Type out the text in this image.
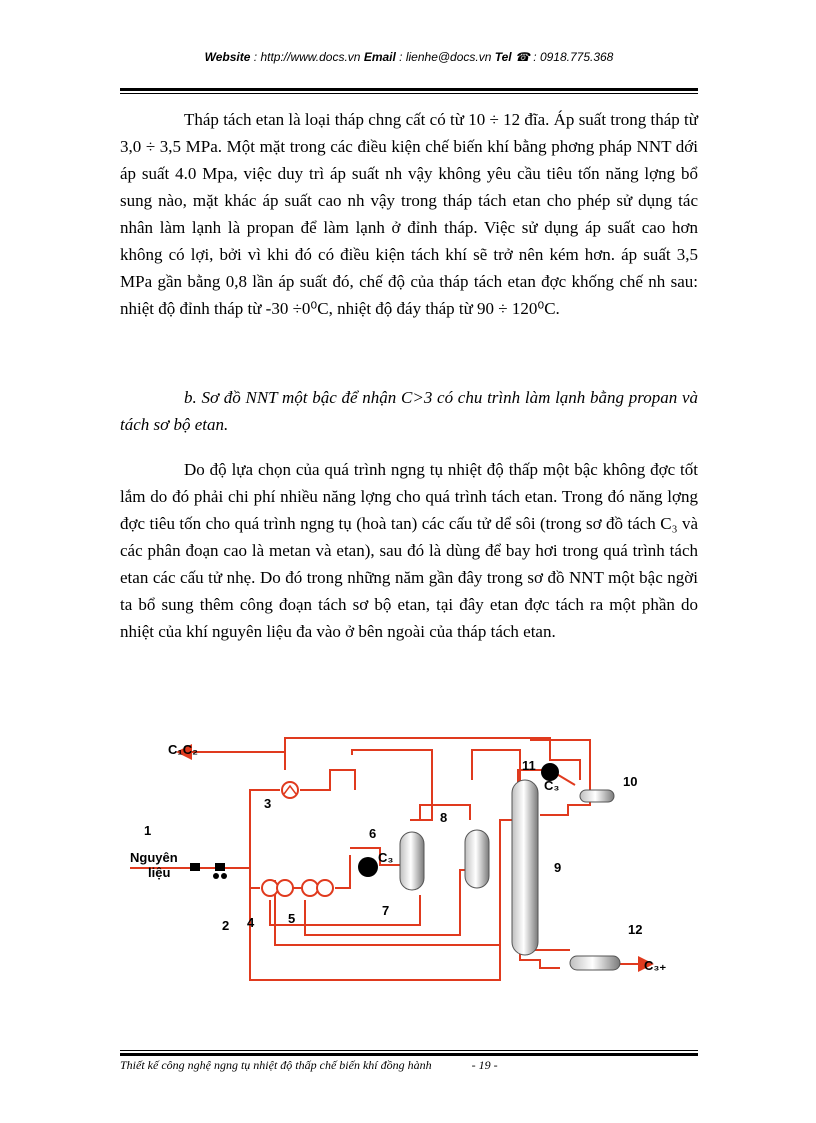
Website : http://www.docs.vn Email : lienhe@docs.vn Tel ☎ : 0918.775.368

Tháp tách etan là loại tháp chng cất có từ 10 ÷ 12 đĩa. Áp suất trong tháp từ 3,0 ÷ 3,5 MPa. Một mặt trong các điều kiện chế biến khí bằng phơng pháp NNT dới áp suất 4.0 Mpa, việc duy trì áp suất nh vậy không yêu cầu tiêu tốn năng lợng bổ sung nào, mặt khác áp suất cao nh vậy trong tháp tách etan cho phép sử dụng tác nhân làm lạnh là propan để làm lạnh ở đỉnh tháp. Việc sử dụng áp suất cao hơn không có lợi, bởi vì khi đó có điều kiện tách khí sẽ trở nên kém hơn. áp suất 3,5 MPa gần bằng 0,8 lần áp suất đó, chế độ của tháp tách etan đợc khống chế nh sau: nhiệt độ đỉnh tháp từ -30 ÷0⁰C, nhiệt độ đáy tháp từ 90 ÷ 120⁰C.

b. Sơ đồ NNT một bậc để nhận C>3 có chu trình làm lạnh bằng propan và tách sơ bộ etan.

Do độ lựa chọn của quá trình ngng tụ nhiệt độ thấp một bậc không đợc tốt lắm do đó phải chi phí nhiều năng lợng cho quá trình tách etan. Trong đó năng lợng đợc tiêu tốn cho quá trình ngng tụ (hoà tan) các cấu tử dể sôi (trong sơ đồ tách C₃ và các phân đoạn cao là metan và etan), sau đó là dùng để bay hơi trong quá trình tách etan các cấu tử nhẹ. Do đó trong những năm gần đây trong sơ đồ NNT một bậc ngời ta bổ sung thêm công đoạn tách sơ bộ etan, tại đây etan đợc tách ra một phần do nhiệt của khí nguyên liệu đa vào ở bên ngoài của tháp tách etan.

C₁C₂
Nguyên
liệu
C₃
C₃
C₃₊
1
2
3
4	5
6
7
8
9
10
11
12
Thiết kế công nghệ ngng tụ nhiệt độ thấp chế biến khí đồng hành	- 19 -
